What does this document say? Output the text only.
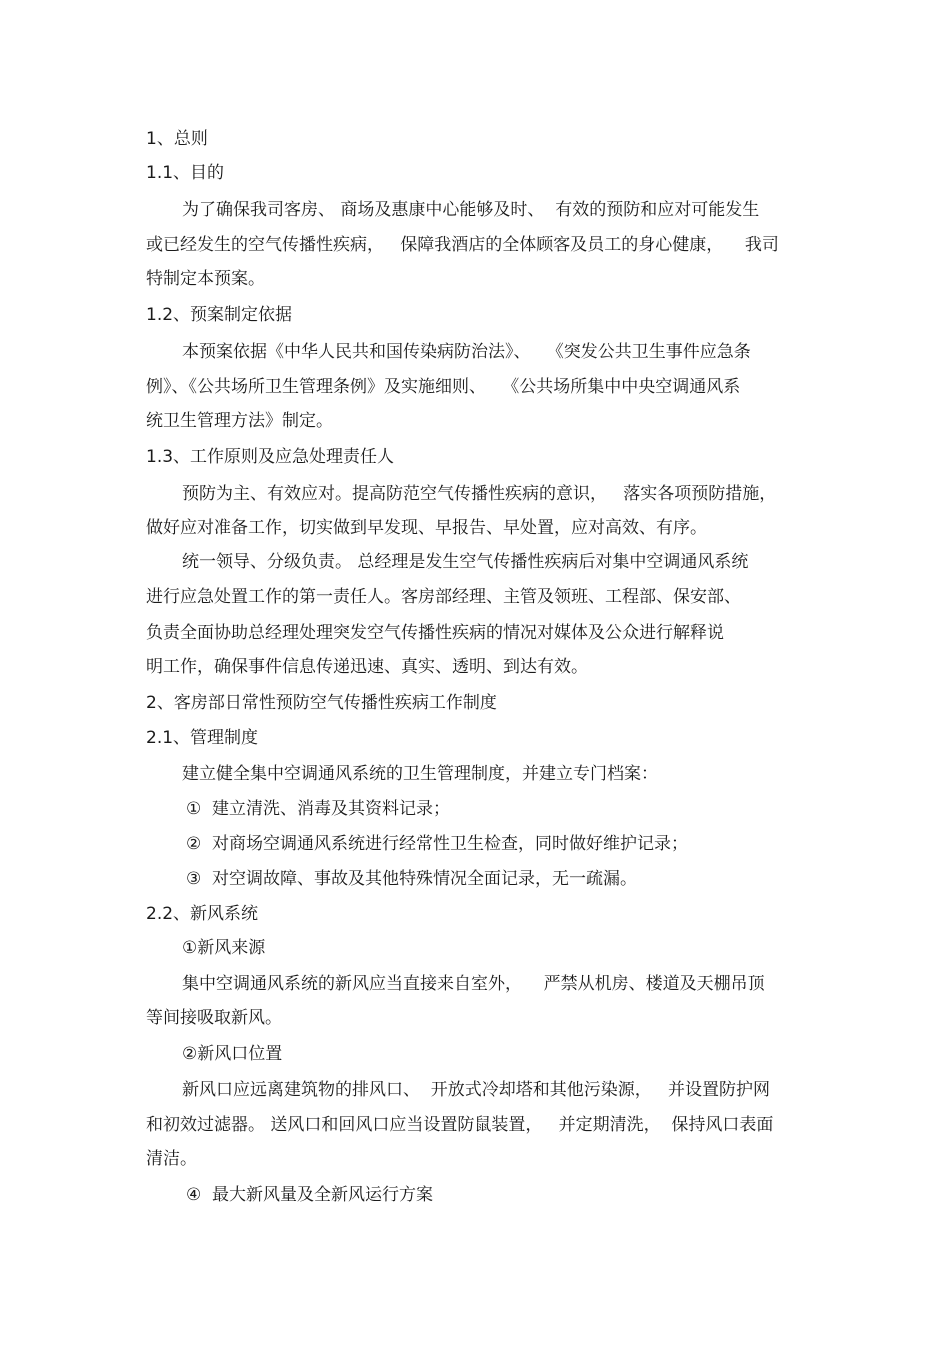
1、总则
1.1、目的
为了确保我司客房、 商场及惠康中心能够及时、  有效的预防和应对可能发生
或已经发生的空气传播性疾病，   保障我酒店的全体顾客及员工的身心健康，    我司
特制定本预案。
1.2、预案制定依据
本预案依据《中华人民共和国传染病防治法》、   《突发公共卫生事件应急条
例》、《公共场所卫生管理条例》及实施细则、   《公共场所集中中央空调通风系
统卫生管理方法》制定。
1.3、工作原则及应急处理责任人
预防为主、有效应对。提高防范空气传播性疾病的意识，   落实各项预防措施，
做好应对准备工作，切实做到早发现、早报告、早处置，应对高效、有序。
统一领导、分级负责。 总经理是发生空气传播性疾病后对集中空调通风系统
进行应急处置工作的第一责任人。客房部经理、主管及领班、工程部、保安部、
负责全面协助总经理处理突发空气传播性疾病的情况对媒体及公众进行解释说
明工作，确保事件信息传递迅速、真实、透明、到达有效。
2、客房部日常性预防空气传播性疾病工作制度
2.1、管理制度
建立健全集中空调通风系统的卫生管理制度，并建立专门档案：
①  建立清洗、消毒及其资料记录；
②  对商场空调通风系统进行经常性卫生检查，同时做好维护记录；
③  对空调故障、事故及其他特殊情况全面记录，无一疏漏。
2.2、新风系统
①新风来源
集中空调通风系统的新风应当直接来自室外，    严禁从机房、楼道及天棚吊顶
等间接吸取新风。
②新风口位置
新风口应远离建筑物的排风口、  开放式冷却塔和其他污染源，   并设置防护网
和初效过滤器。 送风口和回风口应当设置防鼠装置，   并定期清洗，  保持风口表面
清洁。
④  最大新风量及全新风运行方案
